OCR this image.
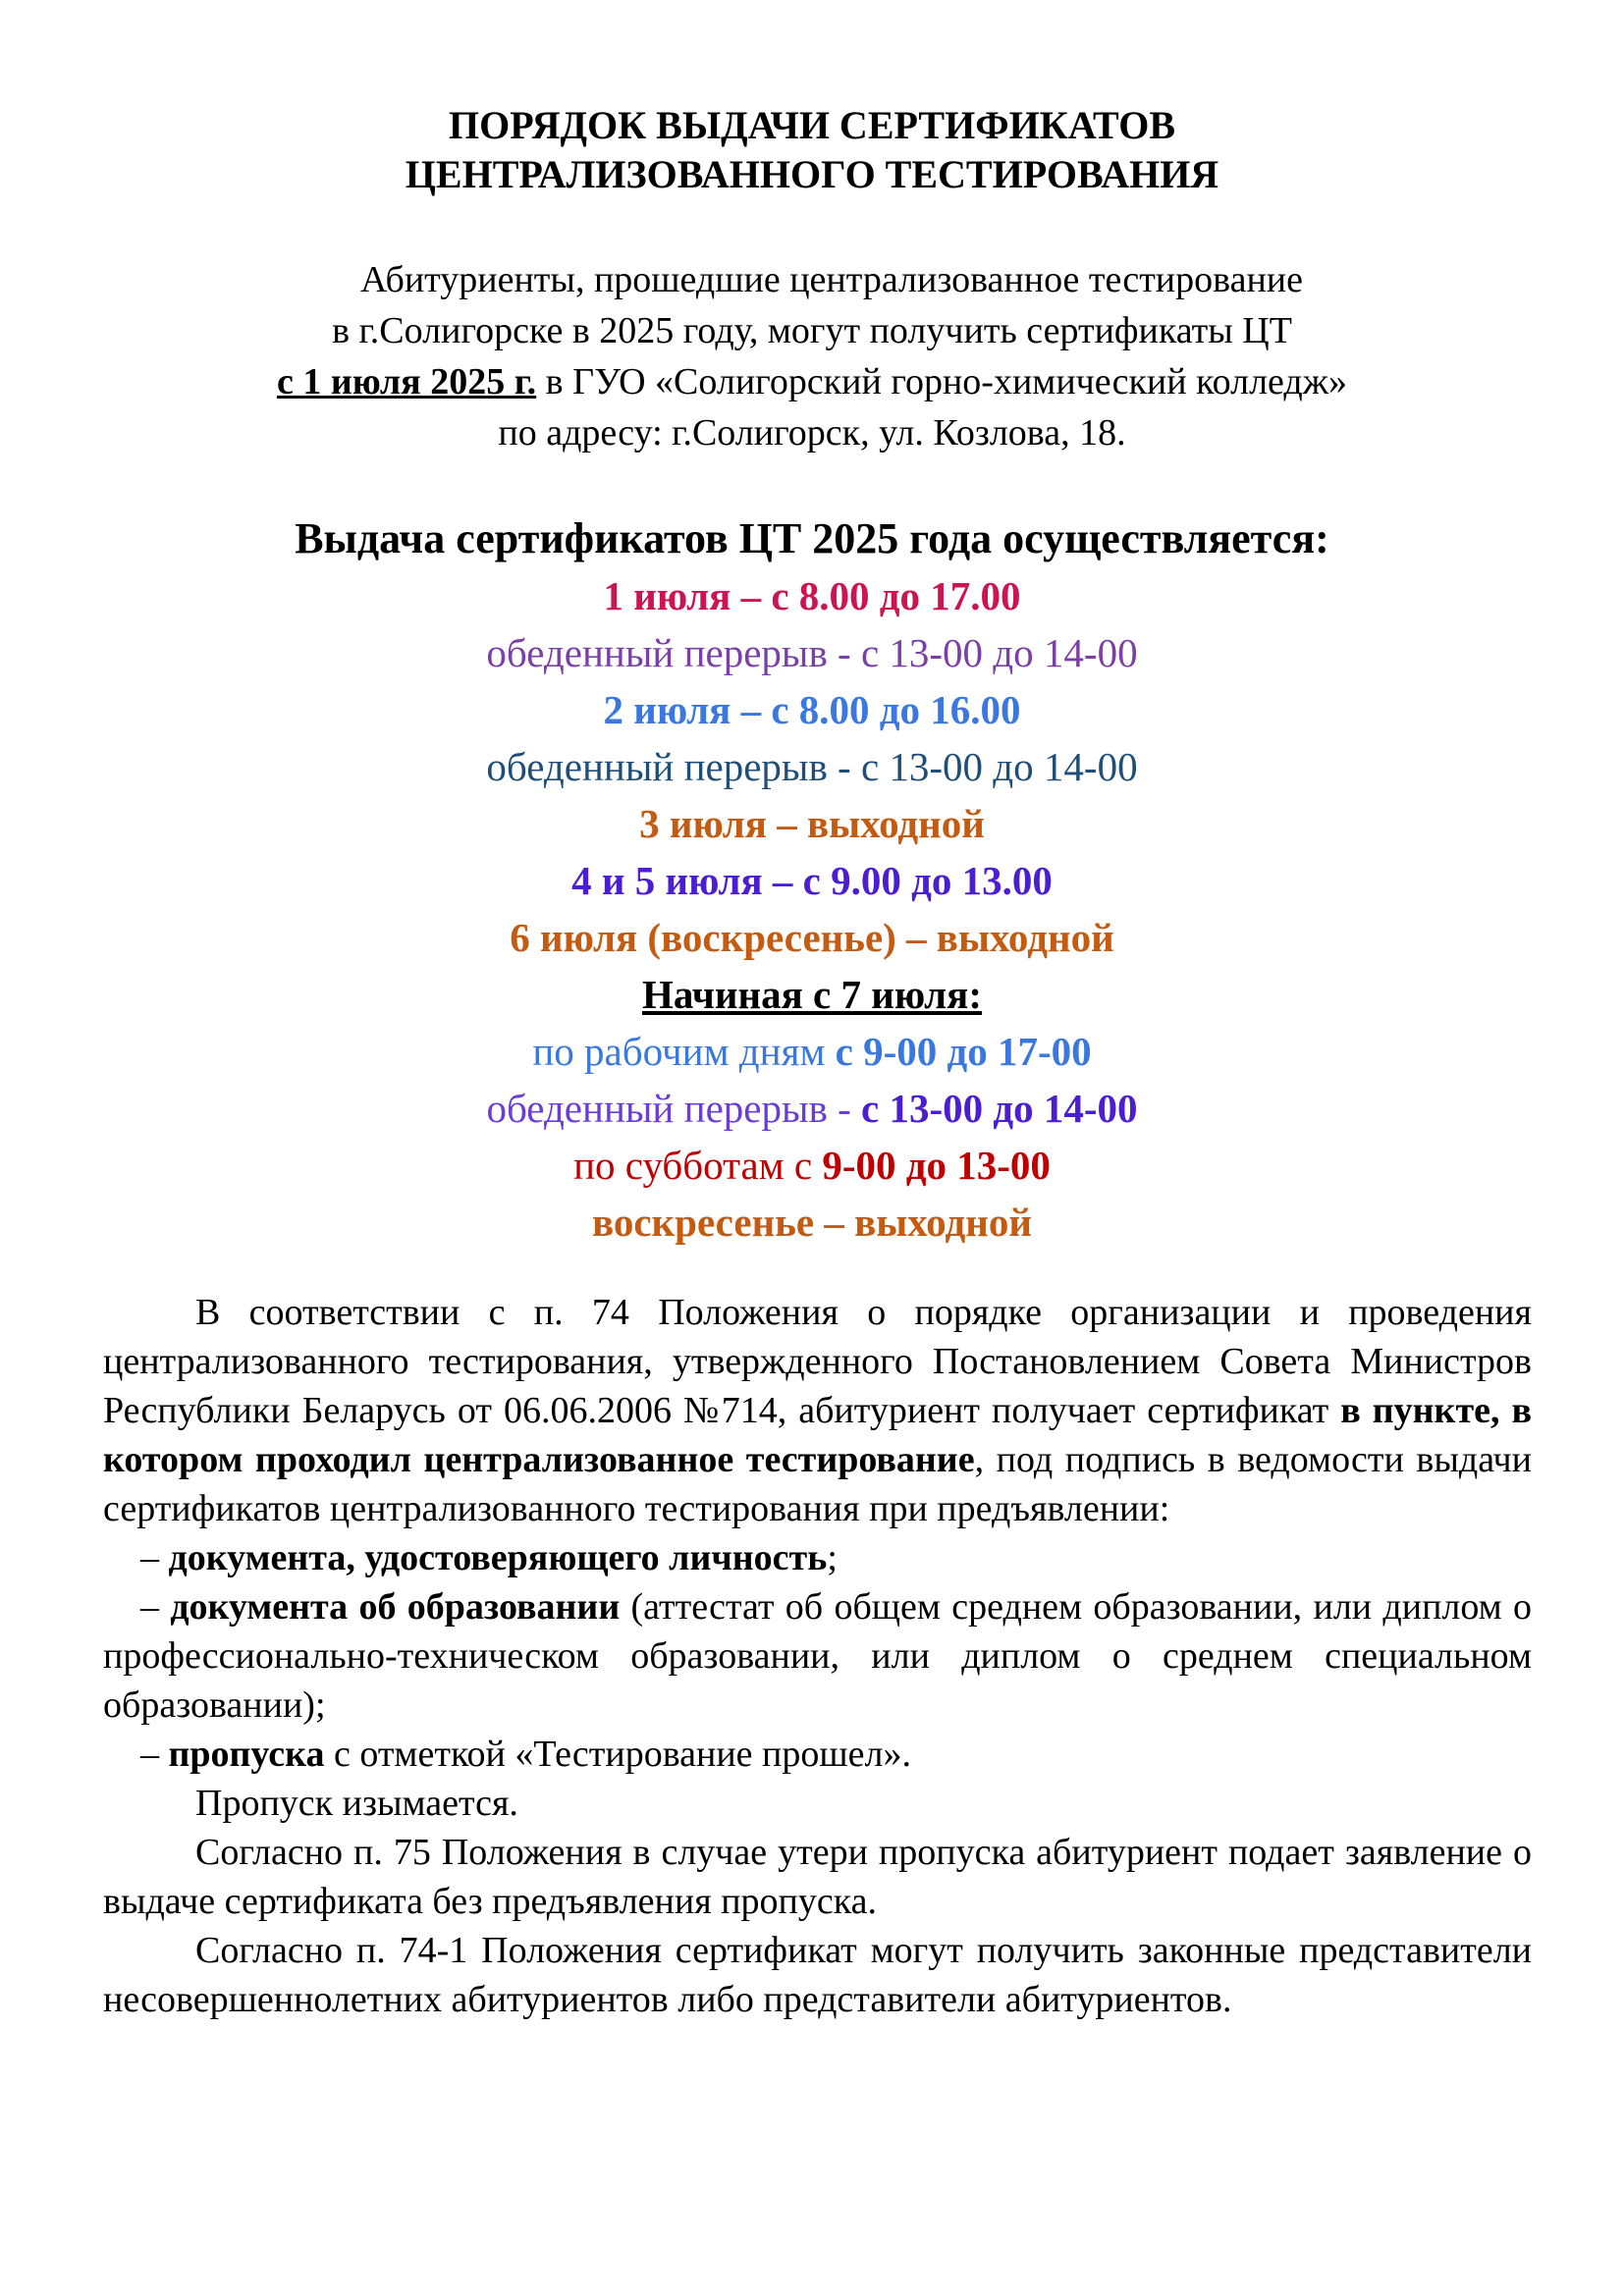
ПОРЯДОК ВЫДАЧИ СЕРТИФИКАТОВ
ЦЕНТРАЛИЗОВАННОГО ТЕСТИРОВАНИЯ
Абитуриенты, прошедшие централизованное тестирование
в г.Солигорске в 2025 году, могут получить сертификаты ЦТ
с 1 июля 2025 г. в ГУО «Солигорский горно-химический колледж»
по адресу: г.Солигорск, ул. Козлова, 18.
Выдача сертификатов ЦТ 2025 года осуществляется:
1 июля – с 8.00 до 17.00
обеденный перерыв - с 13-00 до 14-00
2 июля – с 8.00 до 16.00
обеденный перерыв - с 13-00 до 14-00
3 июля – выходной
4 и 5 июля – с 9.00 до 13.00
6 июля (воскресенье) – выходной
Начиная с 7 июля:
по рабочим дням с 9-00 до 17-00
обеденный перерыв - с 13-00 до 14-00
по субботам с 9-00 до 13-00
воскресенье – выходной

В соответствии с п. 74 Положения о порядке организации и проведения централизованного тестирования, утвержденного Постановлением Совета Министров Республики Беларусь от 06.06.2006 №714, абитуриент получает сертификат в пункте, в котором проходил централизованное тестирование, под подпись в ведомости выдачи сертификатов централизованного тестирования при предъявлении:

– документа, удостоверяющего личность;

– документа об образовании (аттестат об общем среднем образовании, или диплом о профессионально-техническом образовании, или диплом о среднем специальном образовании);

– пропуска с отметкой «Тестирование прошел».

Пропуск изымается.

Согласно п. 75 Положения в случае утери пропуска абитуриент подает заявление о выдаче сертификата без предъявления пропуска.

Согласно п. 74-1 Положения сертификат могут получить законные представители несовершеннолетних абитуриентов либо представители абитуриентов.
